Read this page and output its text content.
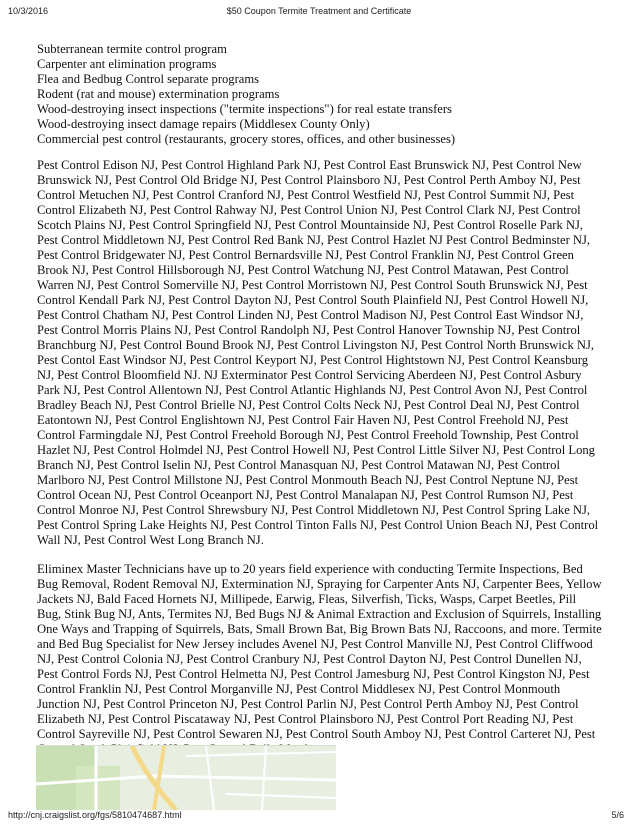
10/3/2016	$50 Coupon Termite Treatment and Certificate
Subterranean termite control program
Carpenter ant elimination programs
Flea and Bedbug Control separate programs
Rodent (rat and mouse) extermination programs
Wood-destroying insect inspections ("termite inspections") for real estate transfers
Wood-destroying insect damage repairs (Middlesex County Only)
Commercial pest control (restaurants, grocery stores, offices, and other businesses)

Pest Control Edison NJ, Pest Control Highland Park NJ, Pest Control East Brunswick NJ, Pest Control New Brunswick NJ, Pest Control Old Bridge NJ, Pest Control Plainsboro NJ, Pest Control Perth Amboy NJ, Pest Control Metuchen NJ, Pest Control Cranford NJ, Pest Control Westfield NJ, Pest Control Summit NJ, Pest Control Elizabeth NJ, Pest Control Rahway NJ, Pest Control Union NJ, Pest Control Clark NJ, Pest Control Scotch Plains NJ, Pest Control Springfield NJ, Pest Control Mountainside NJ, Pest Control Roselle Park NJ, Pest Control Middletown NJ, Pest Control Red Bank NJ, Pest Control Hazlet NJ Pest Control Bedminster NJ, Pest Control Bridgewater NJ, Pest Control Bernardsville NJ, Pest Control Franklin NJ, Pest Control Green Brook NJ, Pest Control Hillsborough NJ, Pest Control Watchung NJ, Pest Control Matawan, Pest Control Warren NJ, Pest Control Somerville NJ, Pest Control Morristown NJ, Pest Control South Brunswick NJ, Pest Control Kendall Park NJ, Pest Control Dayton NJ, Pest Control South Plainfield NJ, Pest Control Howell NJ, Pest Control Chatham NJ, Pest Control Linden NJ, Pest Control Madison NJ, Pest Control East Windsor NJ, Pest Control Morris Plains NJ, Pest Control Randolph NJ, Pest Control Hanover Township NJ, Pest Control Branchburg NJ, Pest Control Bound Brook NJ, Pest Control Livingston NJ, Pest Control North Brunswick NJ, Pest Contol East Windsor NJ, Pest Control Keyport NJ, Pest Control Hightstown NJ, Pest Control Keansburg NJ, Pest Control Bloomfield NJ. NJ Exterminator Pest Control Servicing Aberdeen NJ, Pest Control Asbury Park NJ, Pest Control Allentown NJ, Pest Control Atlantic Highlands NJ, Pest Control Avon NJ, Pest Control Bradley Beach NJ, Pest Control Brielle NJ, Pest Control Colts Neck NJ, Pest Control Deal NJ, Pest Control Eatontown NJ, Pest Control Englishtown NJ, Pest Control Fair Haven NJ, Pest Control Freehold NJ, Pest Control Farmingdale NJ, Pest Control Freehold Borough NJ, Pest Control Freehold Township, Pest Control Hazlet NJ, Pest Control Holmdel NJ, Pest Control Howell NJ, Pest Control Little Silver NJ, Pest Control Long Branch NJ, Pest Control Iselin NJ, Pest Control Manasquan NJ, Pest Control Matawan NJ, Pest Control Marlboro NJ, Pest Control Millstone NJ, Pest Control Monmouth Beach NJ, Pest Control Neptune NJ, Pest Control Ocean NJ, Pest Control Oceanport NJ, Pest Control Manalapan NJ, Pest Control Rumson NJ, Pest Control Monroe NJ, Pest Control Shrewsbury NJ, Pest Control Middletown NJ, Pest Control Spring Lake NJ, Pest Control Spring Lake Heights NJ, Pest Control Tinton Falls NJ, Pest Control Union Beach NJ, Pest Control Wall NJ, Pest Control West Long Branch NJ.

Eliminex Master Technicians have up to 20 years field experience with conducting Termite Inspections, Bed Bug Removal, Rodent Removal NJ, Extermination NJ, Spraying for Carpenter Ants NJ, Carpenter Bees, Yellow Jackets NJ, Bald Faced Hornets NJ, Millipede, Earwig, Fleas, Silverfish, Ticks, Wasps, Carpet Beetles, Pill Bug, Stink Bug NJ, Ants, Termites NJ, Bed Bugs NJ & Animal Extraction and Exclusion of Squirrels, Installing One Ways and Trapping of Squirrels, Bats, Small Brown Bat, Big Brown Bats NJ, Raccoons, and more. Termite and Bed Bug Specialist for New Jersey includes Avenel NJ, Pest Control Manville NJ, Pest Control Cliffwood NJ, Pest Control Colonia NJ, Pest Control Cranbury NJ, Pest Control Dayton NJ, Pest Control Dunellen NJ, Pest Control Fords NJ, Pest Control Helmetta NJ, Pest Control Jamesburg NJ, Pest Control Kingston NJ, Pest Control Franklin NJ, Pest Control Morganville NJ, Pest Control Middlesex NJ, Pest Control Monmouth Junction NJ, Pest Control Princeton NJ, Pest Control Parlin NJ, Pest Control Perth Amboy NJ, Pest Control Elizabeth NJ, Pest Control Piscataway NJ, Pest Control Plainsboro NJ, Pest Control Port Reading NJ, Pest Control Sayreville NJ, Pest Control Sewaren NJ, Pest Control South Amboy NJ, Pest Control Carteret NJ, Pest

http://cnj.craigslist.org/fgs/5810474687.html	5/6
